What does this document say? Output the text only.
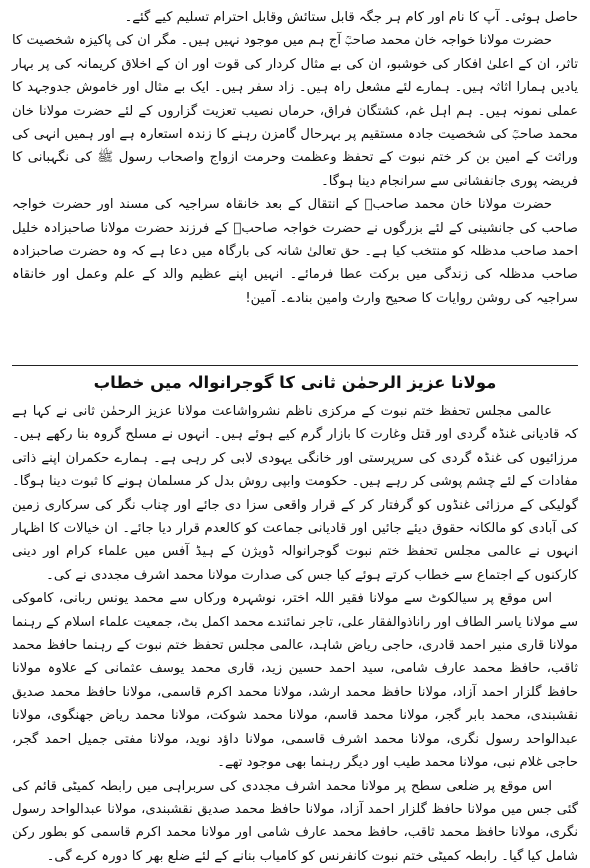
حاصل ہوئی۔ آپ کا نام اور کام ہر جگہ قابل ستائش وقابل احترام تسلیم کیے گئے۔

حضرت مولانا خواجہ خان محمد صاحبؒ آج ہم میں موجود نہیں ہیں۔ مگر ان کی پاکیزہ شخصیت کا تاثر، ان کے اعلیٰ افکار کی خوشبو، ان کی بے مثال کردار کی قوت اور ان کے اخلاق کریمانہ کی پر بہار یادیں ہمارا اثاثہ ہیں۔ ہمارے لئے مشعل راہ ہیں۔ زاد سفر ہیں۔ ایک بے مثال اور خاموش جدوجہد کا عملی نمونہ ہیں۔ ہم اہل غم، کشتگان فراق، حرماں نصیب تعزیت گزاروں کے لئے حضرت مولانا خان محمد صاحبؒ کی شخصیت جادہ مستقیم پر بہرحال گامزن رہنے کا زندہ استعارہ ہے اور ہمیں انہی کی وراثت کے امین بن کر ختم نبوت کے تحفظ وعظمت وحرمت ازواج واصحاب رسول ﷺ کی نگہبانی کا فریضہ پوری جانفشانی سے سرانجام دینا ہوگا۔

حضرت مولانا خان محمد صاحبؒ کے انتقال کے بعد خانقاہ سراجیہ کی مسند اور حضرت خواجہ صاحب کی جانشینی کے لئے بزرگوں نے حضرت خواجہ صاحبؒ کے فرزند حضرت مولانا صاحبزادہ خلیل احمد صاحب مدظلہ کو منتخب کیا ہے۔ حق تعالیٰ شانہ کی بارگاہ میں دعا ہے کہ وہ حضرت صاحبزادہ صاحب مدظلہ کی زندگی میں برکت عطا فرمائے۔ انہیں اپنے عظیم والد کے علم وعمل اور خانقاہ سراجیہ کی روشن روایات کا صحیح وارث وامین بنادے۔ آمین!

مولانا عزیز الرحمٰن ثانی کا گوجرانوالہ میں خطاب

عالمی مجلس تحفظ ختم نبوت کے مرکزی ناظم نشرواشاعت مولانا عزیز الرحمٰن ثانی نے کہا ہے کہ قادیانی غنڈہ گردی اور قتل وغارت کا بازار گرم کیے ہوئے ہیں۔ انہوں نے مسلح گروہ بنا رکھے ہیں۔ مرزائیوں کی غنڈہ گردی کی سرپرستی اور خانگی یہودی لابی کر رہی ہے۔ ہمارے حکمران اپنے ذاتی مفادات کے لئے چشم پوشی کر رہے ہیں۔ حکومت وابپی روش بدل کر مسلمان ہونے کا ثبوت دینا ہوگا۔ گولیکی کے مرزائی غنڈوں کو گرفتار کر کے قرار واقعی سزا دی جائے اور چناب نگر کی سرکاری زمین کی آبادی کو مالکانہ حقوق دیئے جائیں اور قادیانی جماعت کو کالعدم قرار دیا جائے۔ ان خیالات کا اظہار انہوں نے عالمی مجلس تحفظ ختم نبوت گوجرانوالہ ڈویژن کے ہیڈ آفس میں علماء کرام اور دینی کارکنوں کے اجتماع سے خطاب کرتے ہوئے کیا جس کی صدارت مولانا محمد اشرف مجددی نے کی۔

اس موقع پر سیالکوٹ سے مولانا فقیر اللہ اختر، نوشہرہ ورکاں سے محمد یونس ربانی، کاموکی سے مولانا یاسر الطاف اور راناذوالفقار علی، تاجر نمائندے محمد اکمل بٹ، جمعیت علماء اسلام کے رہنما مولانا قاری منیر احمد قادری، حاجی ریاض شاہد، عالمی مجلس تحفظ ختم نبوت کے رہنما حافظ محمد ثاقب، حافظ محمد عارف شامی، سید احمد حسین زید، قاری محمد یوسف عثمانی کے علاوہ مولانا حافظ گلزار احمد آزاد، مولانا حافظ محمد ارشد، مولانا محمد اکرم قاسمی، مولانا حافظ محمد صدیق نقشبندی، محمد بابر گجر، مولانا محمد قاسم، مولانا محمد شوکت، مولانا محمد ریاض جھنگوی، مولانا عبدالواحد رسول نگری، مولانا محمد اشرف قاسمی، مولانا داؤد نوید، مولانا مفتی جمیل احمد گجر، حاجی غلام نبی، مولانا محمد طیب اور دیگر رہنما بھی موجود تھے۔

اس موقع پر ضلعی سطح پر مولانا محمد اشرف مجددی کی سربراہی میں رابطہ کمیٹی قائم کی گئی جس میں مولانا حافظ گلزار احمد آزاد، مولانا حافظ محمد صدیق نقشبندی، مولانا عبدالواحد رسول نگری، مولانا حافظ محمد ثاقب، حافظ محمد عارف شامی اور مولانا محمد اکرم قاسمی کو بطور رکن شامل کیا گیا۔ رابطہ کمیٹی ختم نبوت کانفرنس کو کامیاب بنانے کے لئے ضلع بھر کا دورہ کرے گی۔
